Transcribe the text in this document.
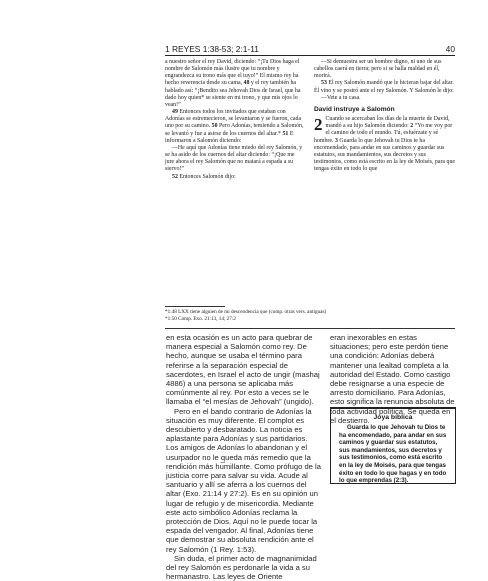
1 REYES 1:38-53; 2:1-11	40

a nuestro señor el rey David, diciendo: “¡Tu Dios haga el nombre de Salomón más ilustre que tu nombre y engrandezca su trono más que el tuyo!” El mismo rey ha hecho reverencia desde su cama, 48 y el rey también ha hablado así: “¡Bendito sea Jehovah Dios de Israel, que ha dado hoy quien* se siente en mi trono, y que mis ojos lo vean!”

49 Entonces todos los invitados que estaban con Adonías se estremecieron, se levantaron y se fueron, cada uno por su camino. 50 Pero Adonías, temiendo a Salomón, se levantó y fue a asirse de los cuernos del altar.* 51 E informaron a Salomón diciendo:

—He aquí que Adonías tiene miedo del rey Salomón, y se ha asido de los cuernos del altar diciendo: “¡Que me jure ahora el rey Salomón que no matará a espada a su siervo!”

52 Entonces Salomón dijo:

—Si demuestra ser un hombre digno, ni uno de sus cabellos caerá en tierra; pero si se halla maldad en él, morirá.

53 El rey Salomón mandó que le hicieran bajar del altar. Él vino y se postró ante el rey Salomón. Y Salomón le dijo:

—Vete a tu casa.

David instruye a Salomón

2 Cuando se acercaban los días de la muerte de David, mandó a su hijo Salomón diciendo: 2 “Yo me voy por el camino de todo el mundo. Tú, esfuérzate y sé hombre. 3 Guarda lo que Jehovah tu Dios te ha encomendado, para andar en sus caminos y guardar sus estatutos, sus mandamientos, sus decretos y sus testimonios, como está escrito en la ley de Moisés, para que tengas éxito en todo lo que

*1:48 LXX tiene alguien de mi descendencia que (comp. otras vers. antiguas)
*1:50 Comp. Exo. 21:13, 14; 27:2

en esta ocasión es un acto para quebrar de manera especial a Salomón como rey. De hecho, aunque se usaba el término para referirse a la separación especial de sacerdotes, en Israel el acto de ungir (mashaj 4886) a una persona se aplicaba más comúnmente al rey. Por esto a veces se le llamaba el “el mesías de Jehovah” (ungido).

Pero en el bando contrario de Adonías la situación es muy diferente. El complot es descubierto y desbaratado. La noticia es aplastante para Adonías y sus partidarios. Los amigos de Adonías lo abandonan y el usurpador no le q̲ueda más remedio que la rendición más humillante. Como prófugo de la justicia corre para salvar su vida. Acude al santuario y allí se aferra a los cuernos del altar (Exo. 21:14 y 27:2). Es en su opinión un lugar de refugio y de misericordia. Mediante este acto simbólico Adonías reclama la protección de Dios. Aquí no le puede tocar la espada del vengador. Al final, Adonías tiene que demostrar su absoluta rendición ante el rey Salomón (1 Rey. 1:53).

Sin duda, el primer acto de magnanimidad del rey Salomón es perdonarle la vida a su hermanastro. Las leyes de Oriente

eran inexorables en estas situaciones; pero este perdón tiene una condición: Adonías deberá mantener una lealtad completa a la autoridad del Estado. Como castigo debe resignarse a una especie de arresto domiciliario. Para Adonías, esto significa la renuncia absoluta de toda actividad política. Se queda en el destierro. Joya bíblica
Guarda lo que Jehovah tu Dios te ha encomendado, para andar en sus caminos y guardar sus estatutos, sus mandamientos, sus decretos y sus testimonios, como está escrito en la ley de Moisés, para que tengas éxito en todo lo que hagas y en todo lo que emprendas (2:3).
